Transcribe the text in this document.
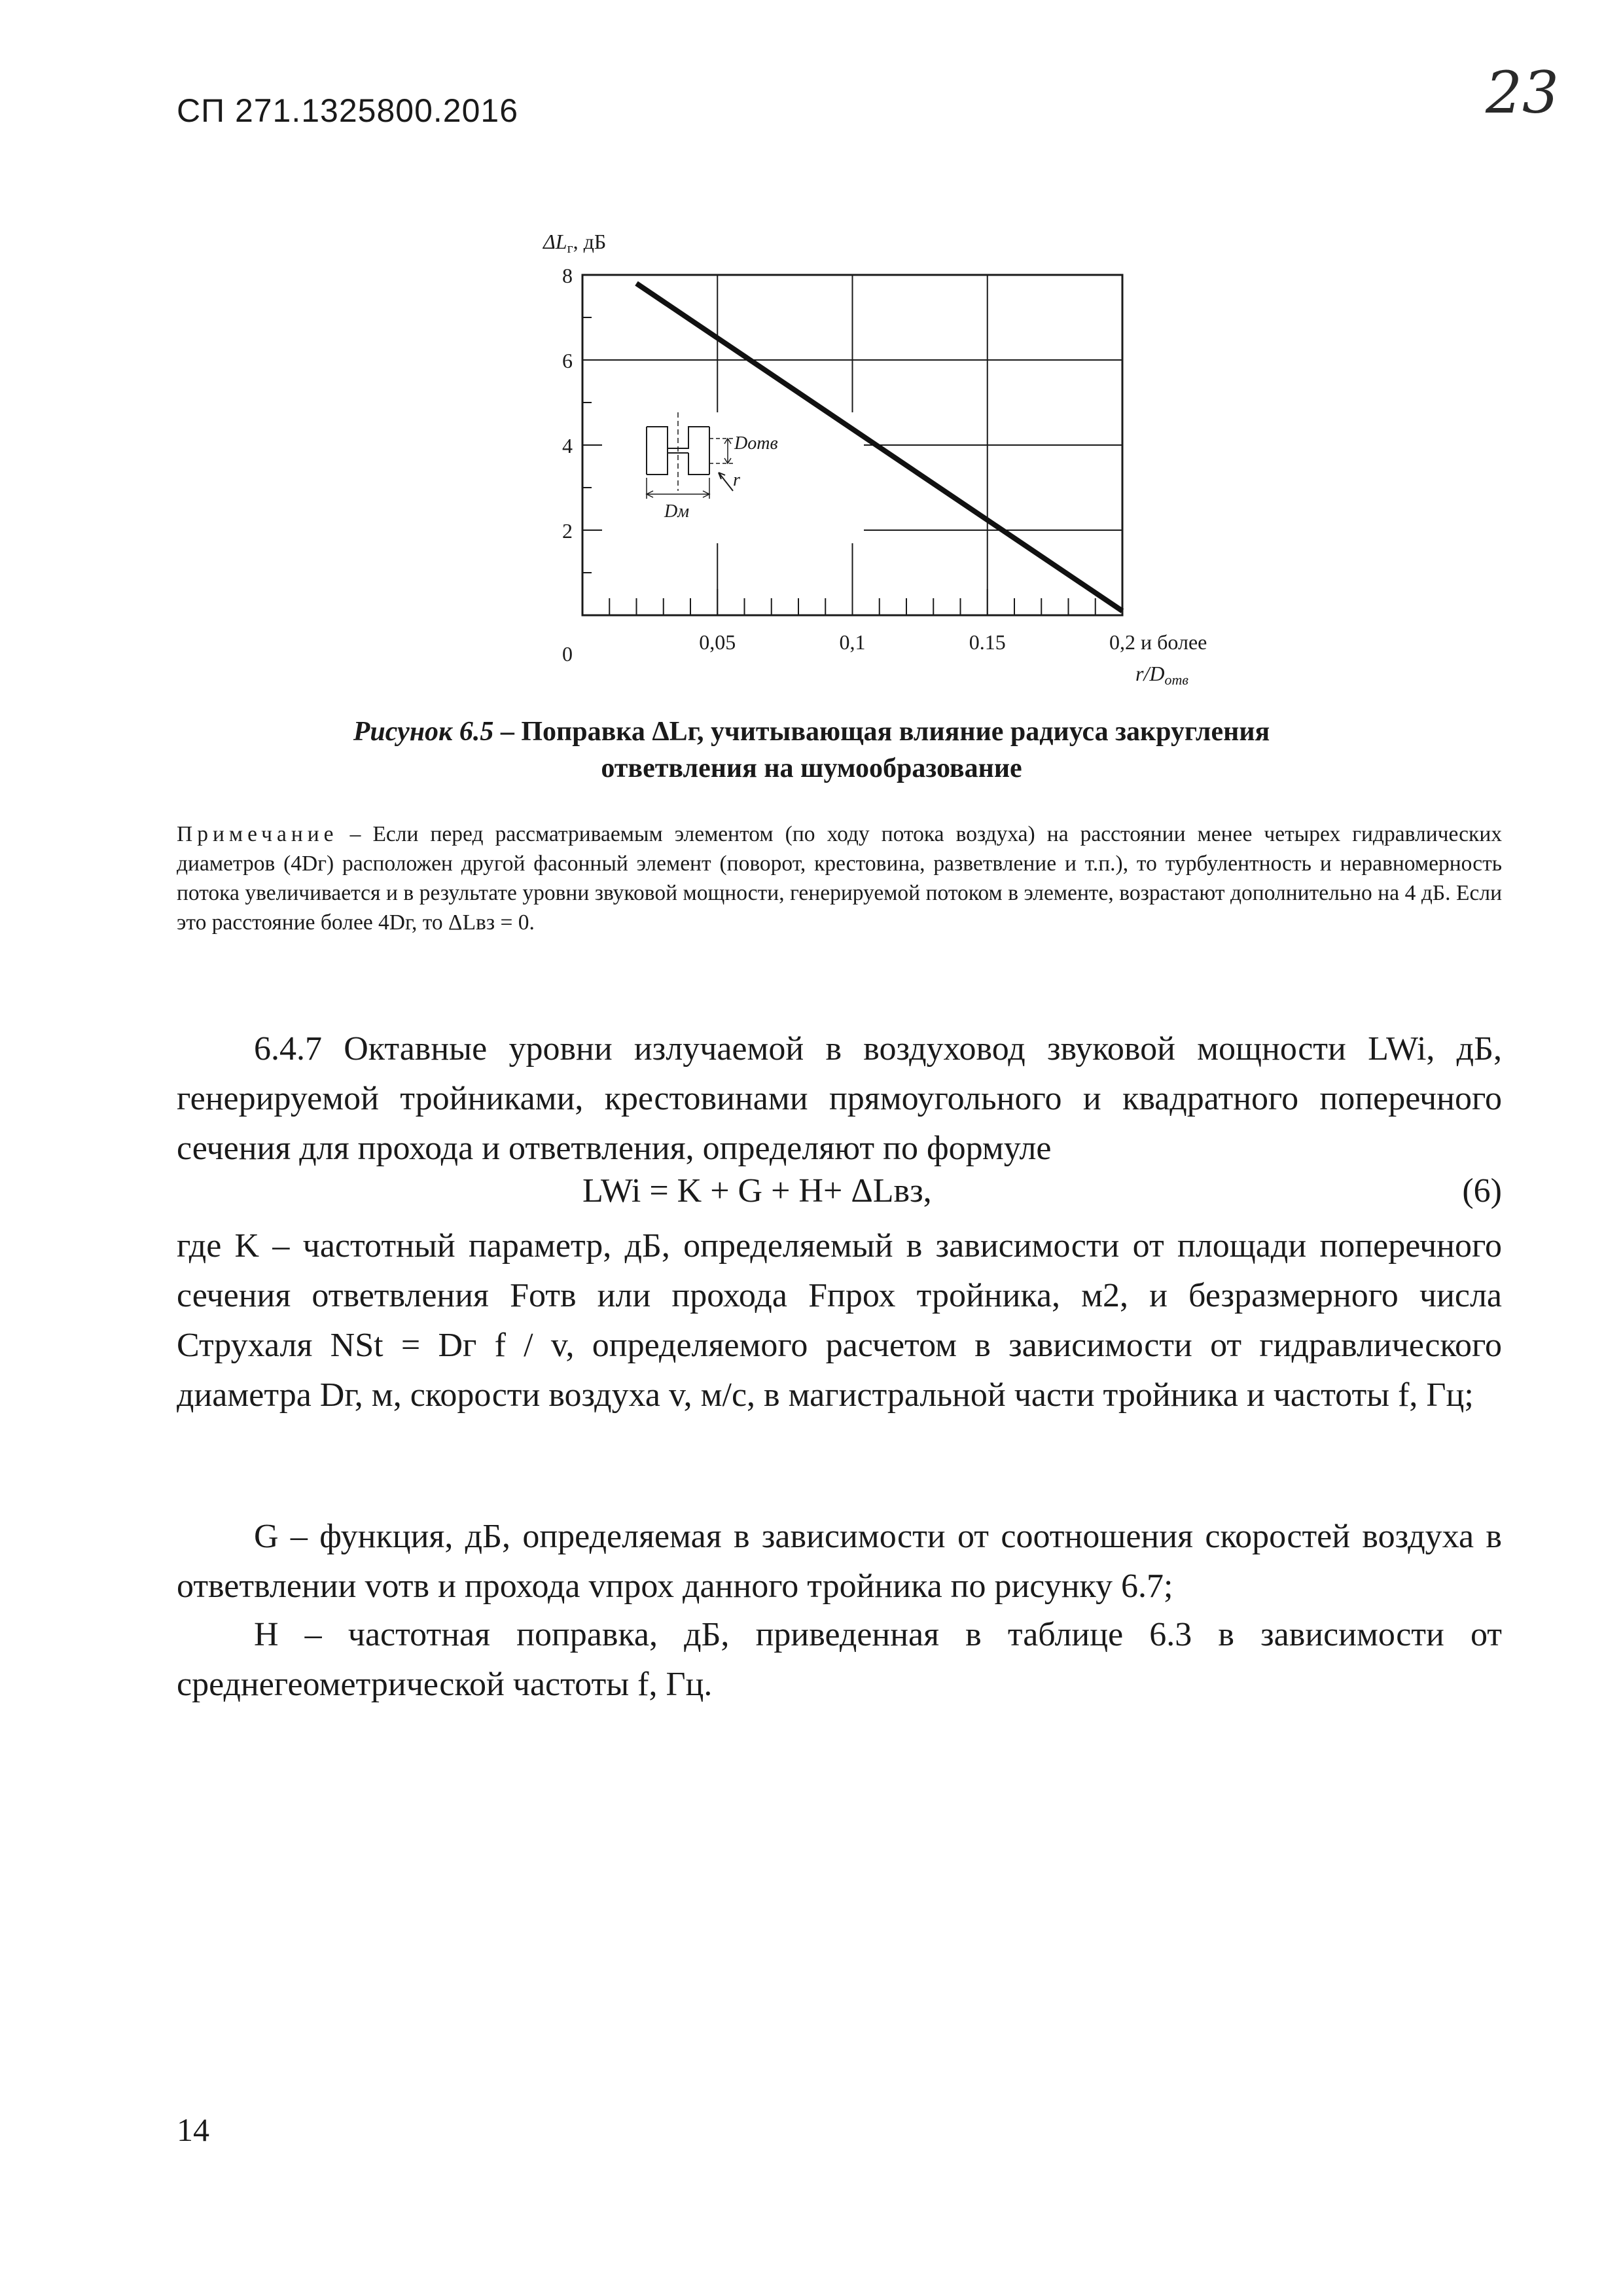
СП 271.1325800.2016	23
ΔLг, дБ
8
6
4
2
0	0,05	0,1	0.15	0,2 и более
Dотв
r
Dм
r/Dотв
Рисунок 6.5 – Поправка ΔLг, учитывающая влияние радиуса закругления
ответвления на шумообразование
Примечание – Если перед рассматриваемым элементом (по ходу потока воздуха) на расстоянии менее четырех гидравлических диаметров (4Dг) расположен другой фасонный элемент (поворот, крестовина, разветвление и т.п.), то турбулентность и неравномерность потока увеличивается и в результате уровни звуковой мощности, генерируемой потоком в элементе, возрастают дополнительно на 4 дБ. Если это расстояние более 4Dг, то ΔLвз = 0.
6.4.7 Октавные уровни излучаемой в воздуховод звуковой мощности LWi, дБ, генерируемой тройниками, крестовинами прямоугольного и квадратного поперечного сечения для прохода и ответвления, определяют по формуле
LWi = K + G + H+ ΔLвз,	(6)
где K – частотный параметр, дБ, определяемый в зависимости от площади поперечного сечения ответвления Fотв или прохода Fпрох тройника, м2, и безразмерного числа Струхаля NSt = Dг f / v, определяемого расчетом в зависимости от гидравлического диаметра Dг, м, скорости воздуха v, м/с, в магистральной части тройника и частоты f, Гц;
G – функция, дБ, определяемая в зависимости от соотношения скоростей воздуха в ответвлении vотв и прохода vпрох данного тройника по рисунку 6.7;
H – частотная поправка, дБ, приведенная в таблице 6.3 в зависимости от среднегеометрической частоты f, Гц.
14
